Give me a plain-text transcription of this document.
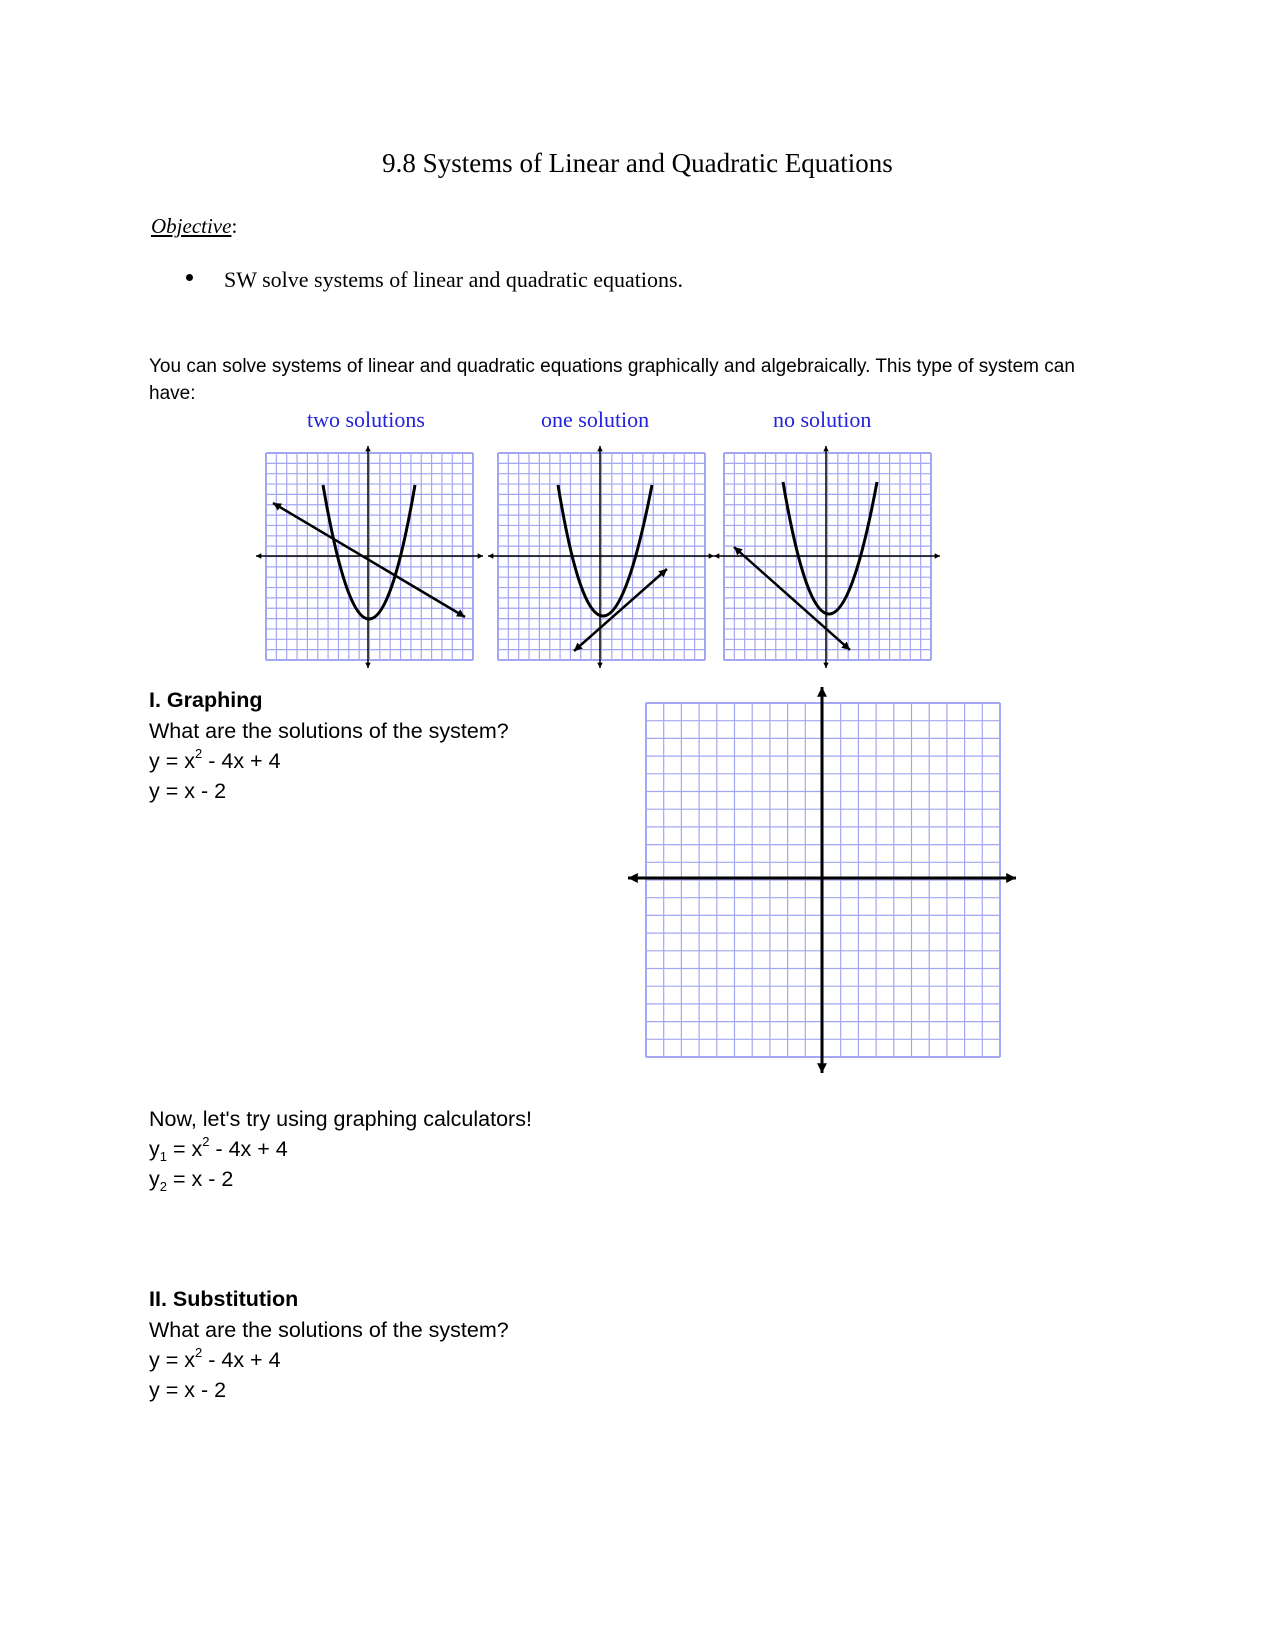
9.8 Systems of Linear and Quadratic Equations
Objective:
SW solve systems of linear and quadratic equations.
You can solve systems of linear and quadratic equations graphically and algebraically. This type of system can have:
two solutions	one solution	no solution
I. Graphing
What are the solutions of the system?
$y = x^2 - 4x + 4$
y = x - 2
Now, let's try using graphing calculators!
$y_1 = x^2 - 4x + 4$
$y_2 = x - 2$
II. Substitution
What are the solutions of the system?
$y = x^2 - 4x + 4$
y = x - 2
